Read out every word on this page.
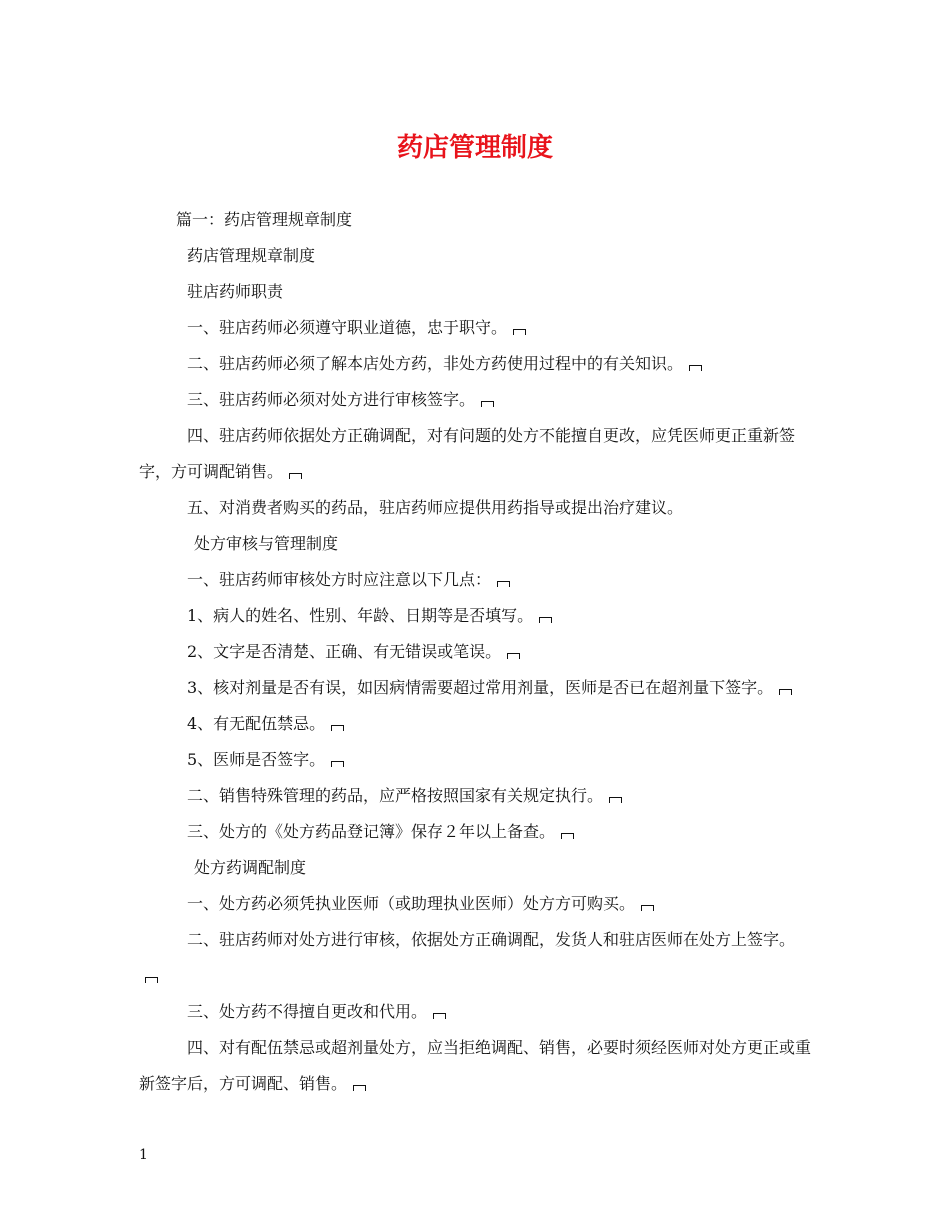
药店管理制度

篇一：药店管理规章制度

药店管理规章制度

驻店药师职责

一、驻店药师必须遵守职业道德，忠于职守。

二、驻店药师必须了解本店处方药，非处方药使用过程中的有关知识。

三、驻店药师必须对处方进行审核签字。

四、驻店药师依据处方正确调配，对有问题的处方不能擅自更改，应凭医师更正重新签字，方可调配销售。

五、对消费者购买的药品，驻店药师应提供用药指导或提出治疗建议。

处方审核与管理制度

一、驻店药师审核处方时应注意以下几点：

1、病人的姓名、性别、年龄、日期等是否填写。

2、文字是否清楚、正确、有无错误或笔误。

3、核对剂量是否有误，如因病情需要超过常用剂量，医师是否已在超剂量下签字。

4、有无配伍禁忌。

5、医师是否签字。

二、销售特殊管理的药品，应严格按照国家有关规定执行。

三、处方的《处方药品登记簿》保存２年以上备查。

处方药调配制度

一、处方药必须凭执业医师（或助理执业医师）处方方可购买。

二、驻店药师对处方进行审核，依据处方正确调配，发货人和驻店医师在处方上签字。

三、处方药不得擅自更改和代用。

四、对有配伍禁忌或超剂量处方，应当拒绝调配、销售，必要时须经医师对处方更正或重新签字后，方可调配、销售。

1
